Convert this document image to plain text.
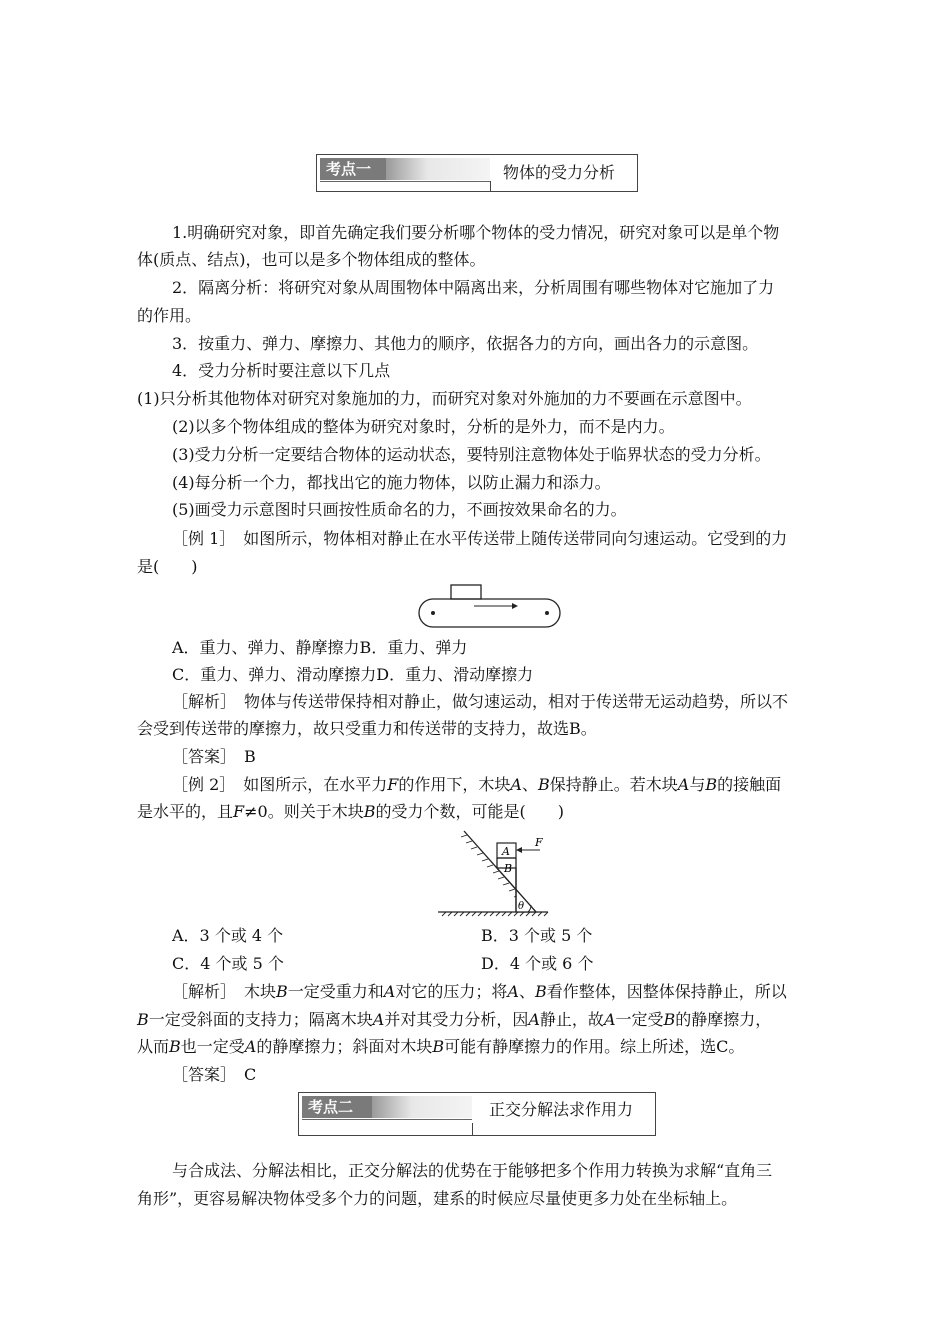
考点一	物体的受力分析
1.明确研究对象，即首先确定我们要分析哪个物体的受力情况，研究对象可以是单个物
体(质点、结点)，也可以是多个物体组成的整体。
2．隔离分析：将研究对象从周围物体中隔离出来，分析周围有哪些物体对它施加了力
的作用。
3．按重力、弹力、摩擦力、其他力的顺序，依据各力的方向，画出各力的示意图。
4．受力分析时要注意以下几点
(1)只分析其他物体对研究对象施加的力，而研究对象对外施加的力不要画在示意图中。
(2)以多个物体组成的整体为研究对象时，分析的是外力，而不是内力。
(3)受力分析一定要结合物体的运动状态，要特别注意物体处于临界状态的受力分析。
(4)每分析一个力，都找出它的施力物体，以防止漏力和添力。
(5)画受力示意图时只画按性质命名的力，不画按效果命名的力。
［例 1］　如图所示，物体相对静止在水平传送带上随传送带同向匀速运动。它受到的力
是(　　)
A．重力、弹力、静摩擦力B．重力、弹力
C．重力、弹力、滑动摩擦力D．重力、滑动摩擦力
［解析］　物体与传送带保持相对静止，做匀速运动，相对于传送带无运动趋势，所以不
会受到传送带的摩擦力，故只受重力和传送带的支持力，故选B。
［答案］　B
［例 2］　如图所示，在水平力F的作用下，木块A、B保持静止。若木块A与B的接触面
是水平的，且F≠0。则关于木块B的受力个数，可能是(　　)
A
B
F
θ
A．3 个或 4 个	B．3 个或 5 个
C．4 个或 5 个	D．4 个或 6 个
［解析］　木块B一定受重力和A对它的压力；将A、B看作整体，因整体保持静止，所以
B一定受斜面的支持力；隔离木块A并对其受力分析，因A静止，故A一定受B的静摩擦力，
从而B也一定受A的静摩擦力；斜面对木块B可能有静摩擦力的作用。综上所述，选C。
［答案］　C
考点二	正交分解法求作用力
与合成法、分解法相比，正交分解法的优势在于能够把多个作用力转换为求解“直角三
角形”，更容易解决物体受多个力的问题，建系的时候应尽量使更多力处在坐标轴上。
